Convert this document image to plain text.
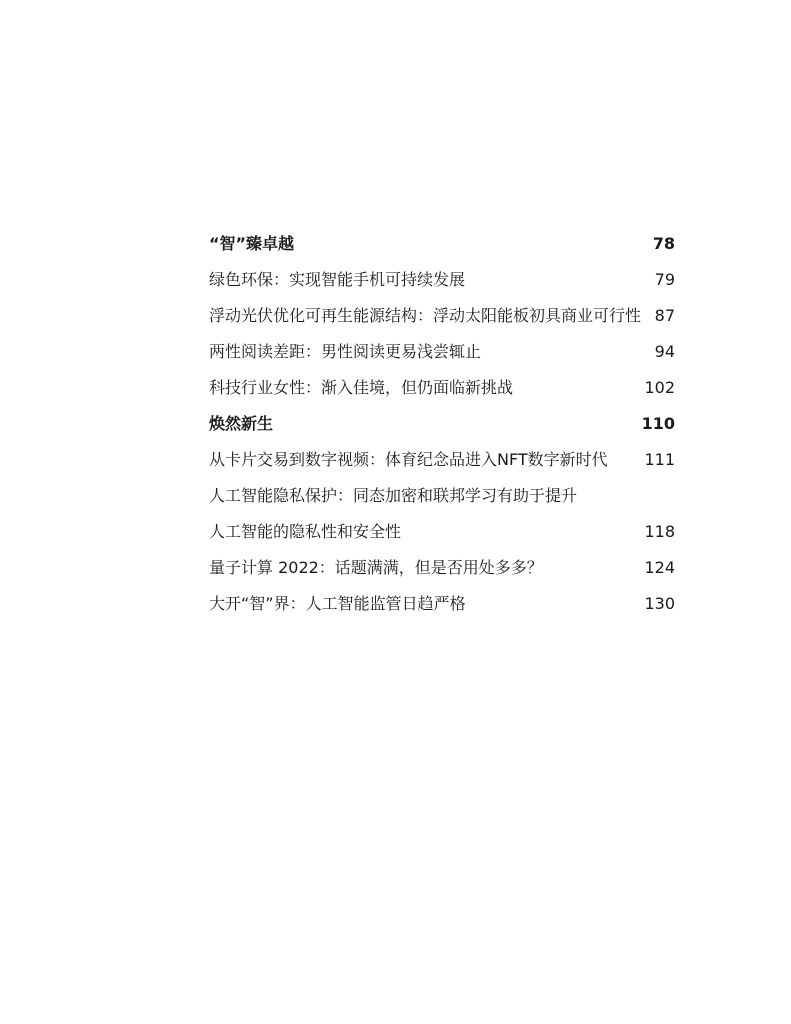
“智”臻卓越	78
绿色环保：实现智能手机可持续发展	79
浮动光伏优化可再生能源结构：浮动太阳能板初具商业可行性 87
两性阅读差距：男性阅读更易浅尝辄止	94
科技行业女性：渐入佳境，但仍面临新挑战	102
焕然新生	110
从卡片交易到数字视频：体育纪念品进入NFT数字新时代 111
人工智能隐私保护：同态加密和联邦学习有助于提升
人工智能的隐私性和安全性	118
量子计算 2022：话题满满，但是否用处多多？	124
大开“智”界：人工智能监管日趋严格	130
